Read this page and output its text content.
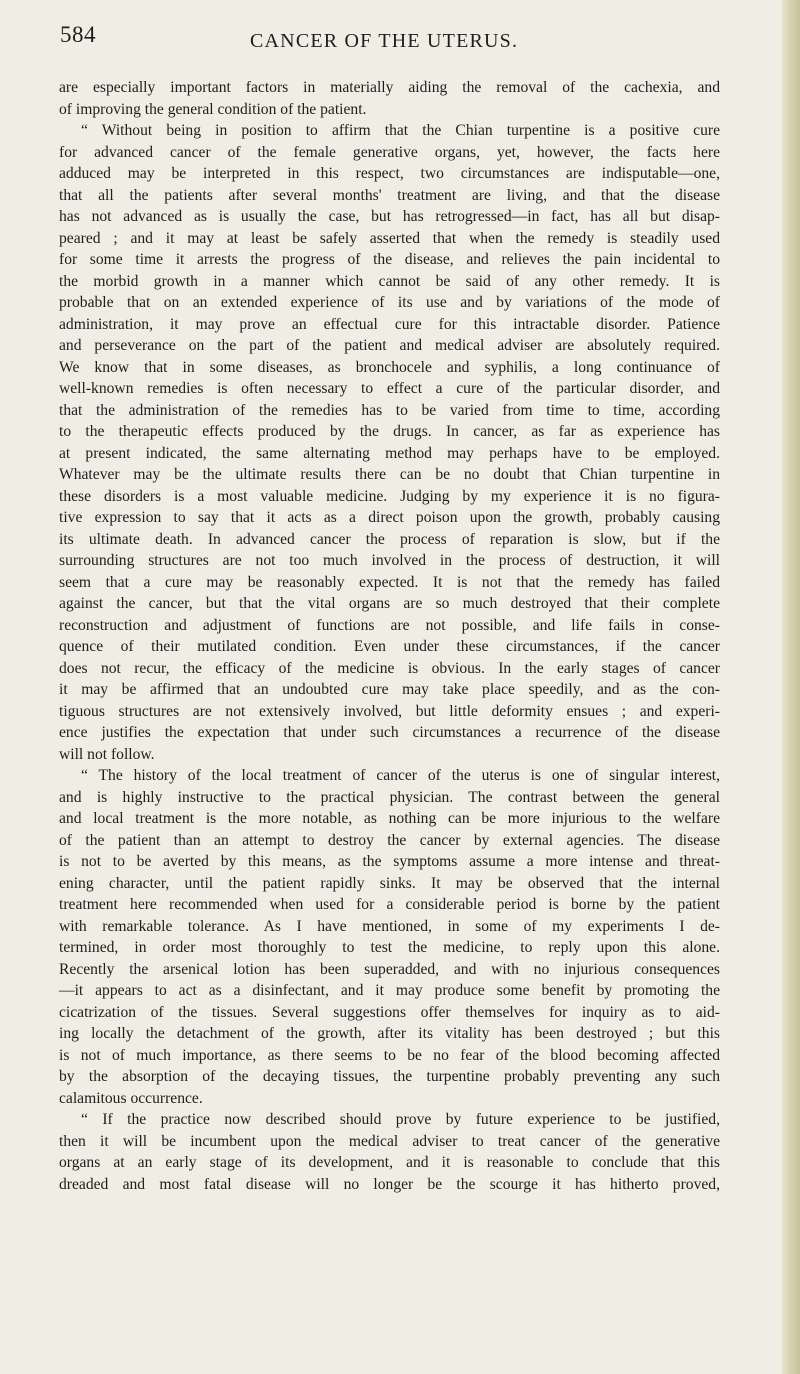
584	CANCER OF THE UTERUS.
are especially important factors in materially aiding the removal of the cachexia, and
of improving the general condition of the patient.
“ Without being in position to affirm that the Chian turpentine is a positive cure
for advanced cancer of the female generative organs, yet, however, the facts here
adduced may be interpreted in this respect, two circumstances are indisputable—one,
that all the patients after several months' treatment are living, and that the disease
has not advanced as is usually the case, but has retrogressed—in fact, has all but disap-
peared ; and it may at least be safely asserted that when the remedy is steadily used
for some time it arrests the progress of the disease, and relieves the pain incidental to
the morbid growth in a manner which cannot be said of any other remedy. It is
probable that on an extended experience of its use and by variations of the mode of
administration, it may prove an effectual cure for this intractable disorder. Patience
and perseverance on the part of the patient and medical adviser are absolutely required.
We know that in some diseases, as bronchocele and syphilis, a long continuance of
well-known remedies is often necessary to effect a cure of the particular disorder, and
that the administration of the remedies has to be varied from time to time, according
to the therapeutic effects produced by the drugs. In cancer, as far as experience has
at present indicated, the same alternating method may perhaps have to be employed.
Whatever may be the ultimate results there can be no doubt that Chian turpentine in
these disorders is a most valuable medicine. Judging by my experience it is no figura-
tive expression to say that it acts as a direct poison upon the growth, probably causing
its ultimate death. In advanced cancer the process of reparation is slow, but if the
surrounding structures are not too much involved in the process of destruction, it will
seem that a cure may be reasonably expected. It is not that the remedy has failed
against the cancer, but that the vital organs are so much destroyed that their complete
reconstruction and adjustment of functions are not possible, and life fails in conse-
quence of their mutilated condition. Even under these circumstances, if the cancer
does not recur, the efficacy of the medicine is obvious. In the early stages of cancer
it may be affirmed that an undoubted cure may take place speedily, and as the con-
tiguous structures are not extensively involved, but little deformity ensues ; and experi-
ence justifies the expectation that under such circumstances a recurrence of the disease
will not follow.
“ The history of the local treatment of cancer of the uterus is one of singular interest,
and is highly instructive to the practical physician. The contrast between the general
and local treatment is the more notable, as nothing can be more injurious to the welfare
of the patient than an attempt to destroy the cancer by external agencies. The disease
is not to be averted by this means, as the symptoms assume a more intense and threat-
ening character, until the patient rapidly sinks. It may be observed that the internal
treatment here recommended when used for a considerable period is borne by the patient
with remarkable tolerance. As I have mentioned, in some of my experiments I de-
termined, in order most thoroughly to test the medicine, to reply upon this alone.
Recently the arsenical lotion has been superadded, and with no injurious consequences
—it appears to act as a disinfectant, and it may produce some benefit by promoting the
cicatrization of the tissues. Several suggestions offer themselves for inquiry as to aid-
ing locally the detachment of the growth, after its vitality has been destroyed ; but this
is not of much importance, as there seems to be no fear of the blood becoming affected
by the absorption of the decaying tissues, the turpentine probably preventing any such
calamitous occurrence.
“ If the practice now described should prove by future experience to be justified,
then it will be incumbent upon the medical adviser to treat cancer of the generative
organs at an early stage of its development, and it is reasonable to conclude that this
dreaded and most fatal disease will no longer be the scourge it has hitherto proved,
